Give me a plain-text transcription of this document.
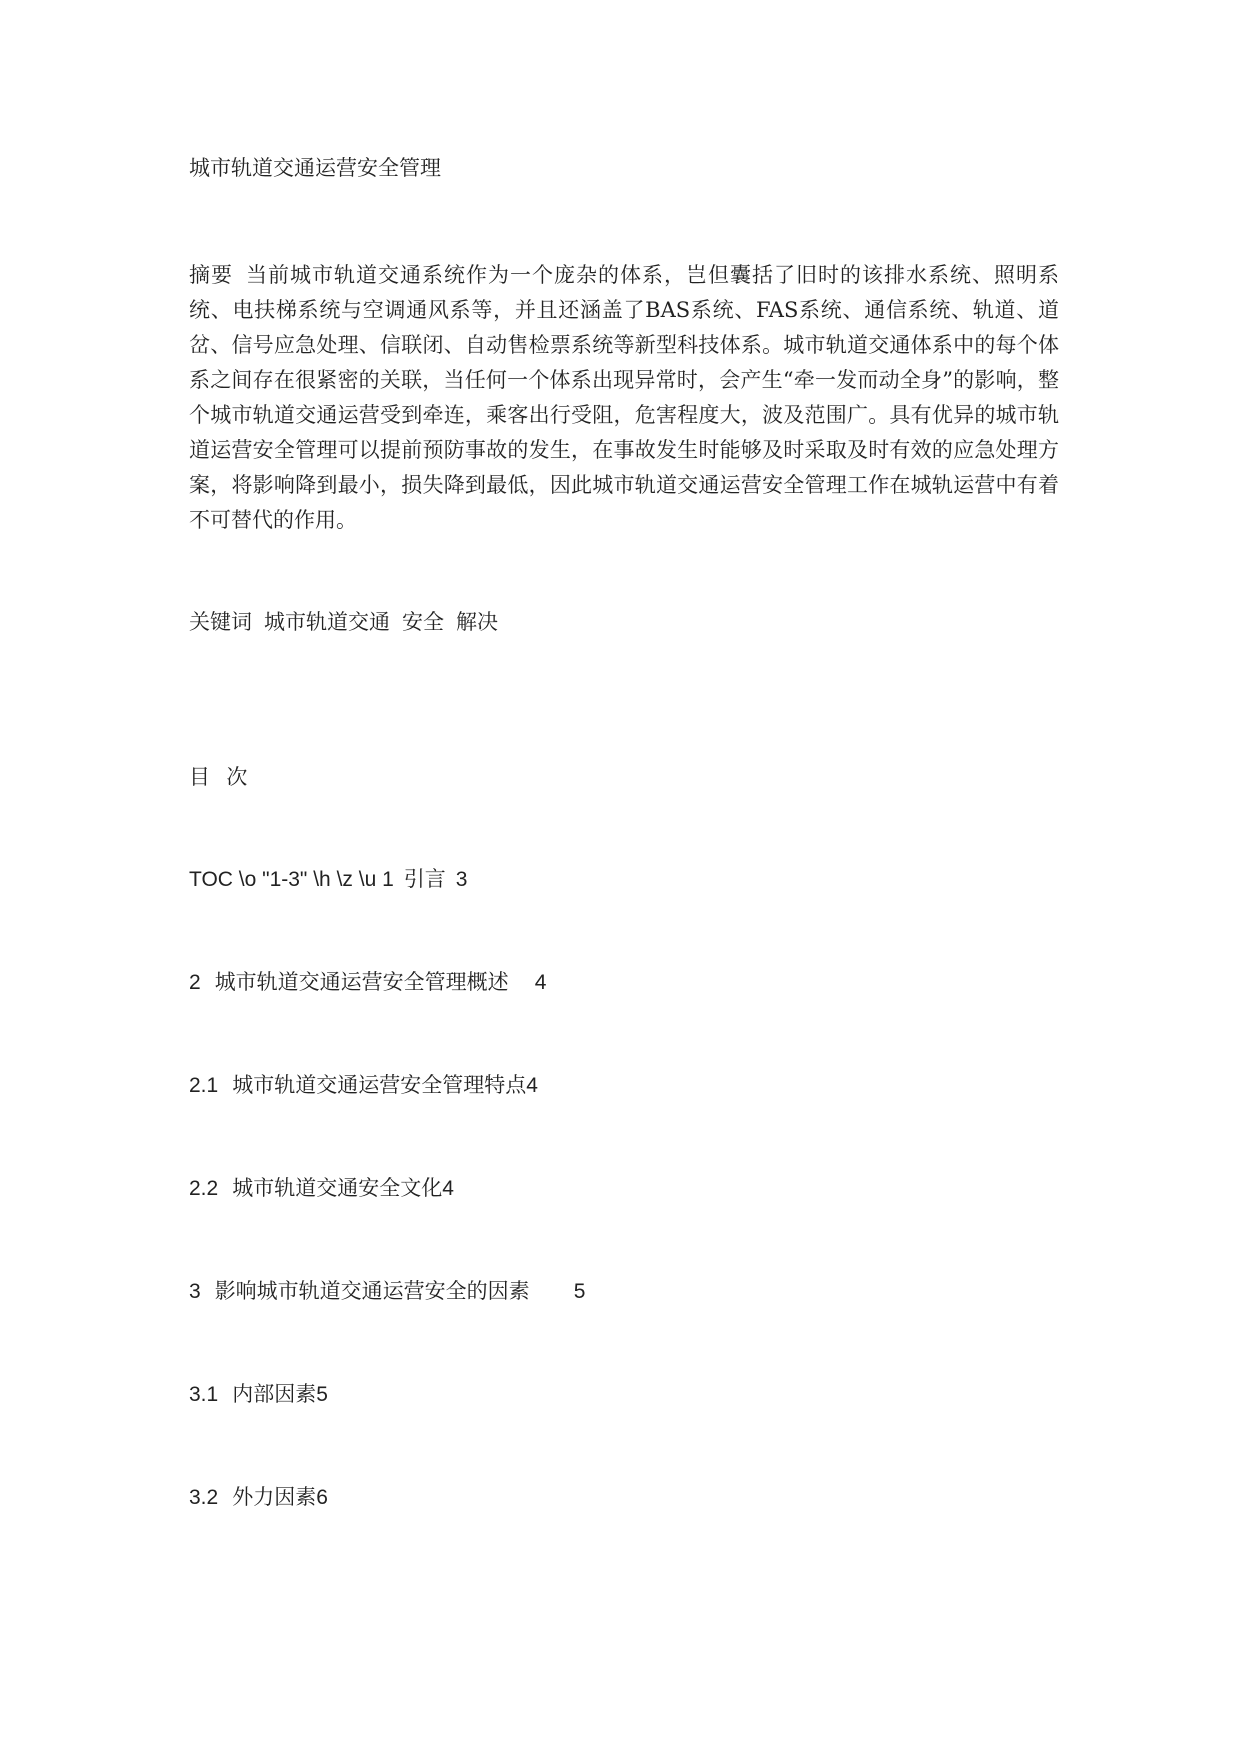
城市轨道交通运营安全管理
摘要 当前城市轨道交通系统作为一个庞杂的体系，岂但囊括了旧时的该排水系统、照明系统、电扶梯系统与空调通风系等，并且还涵盖了BAS系统、FAS系统、通信系统、轨道、道岔、信号应急处理、信联闭、自动售检票系统等新型科技体系。城市轨道交通体系中的每个体系之间存在很紧密的关联，当任何一个体系出现异常时，会产生“牵一发而动全身”的影响，整个城市轨道交通运营受到牵连，乘客出行受阻，危害程度大，波及范围广。具有优异的城市轨道运营安全管理可以提前预防事故的发生，在事故发生时能够及时采取及时有效的应急处理方案，将影响降到最小，损失降到最低，因此城市轨道交通运营安全管理工作在城轨运营中有着不可替代的作用。
关键词 城市轨道交通 安全 解决
目  次
TOC \o "1-3" \h \z \u 1 引言 3
2 城市轨道交通运营安全管理概述 4
2.1 城市轨道交通运营安全管理特点4
2.2 城市轨道交通安全文化4
3 影响城市轨道交通运营安全的因素 5
3.1 内部因素5
3.2 外力因素6
